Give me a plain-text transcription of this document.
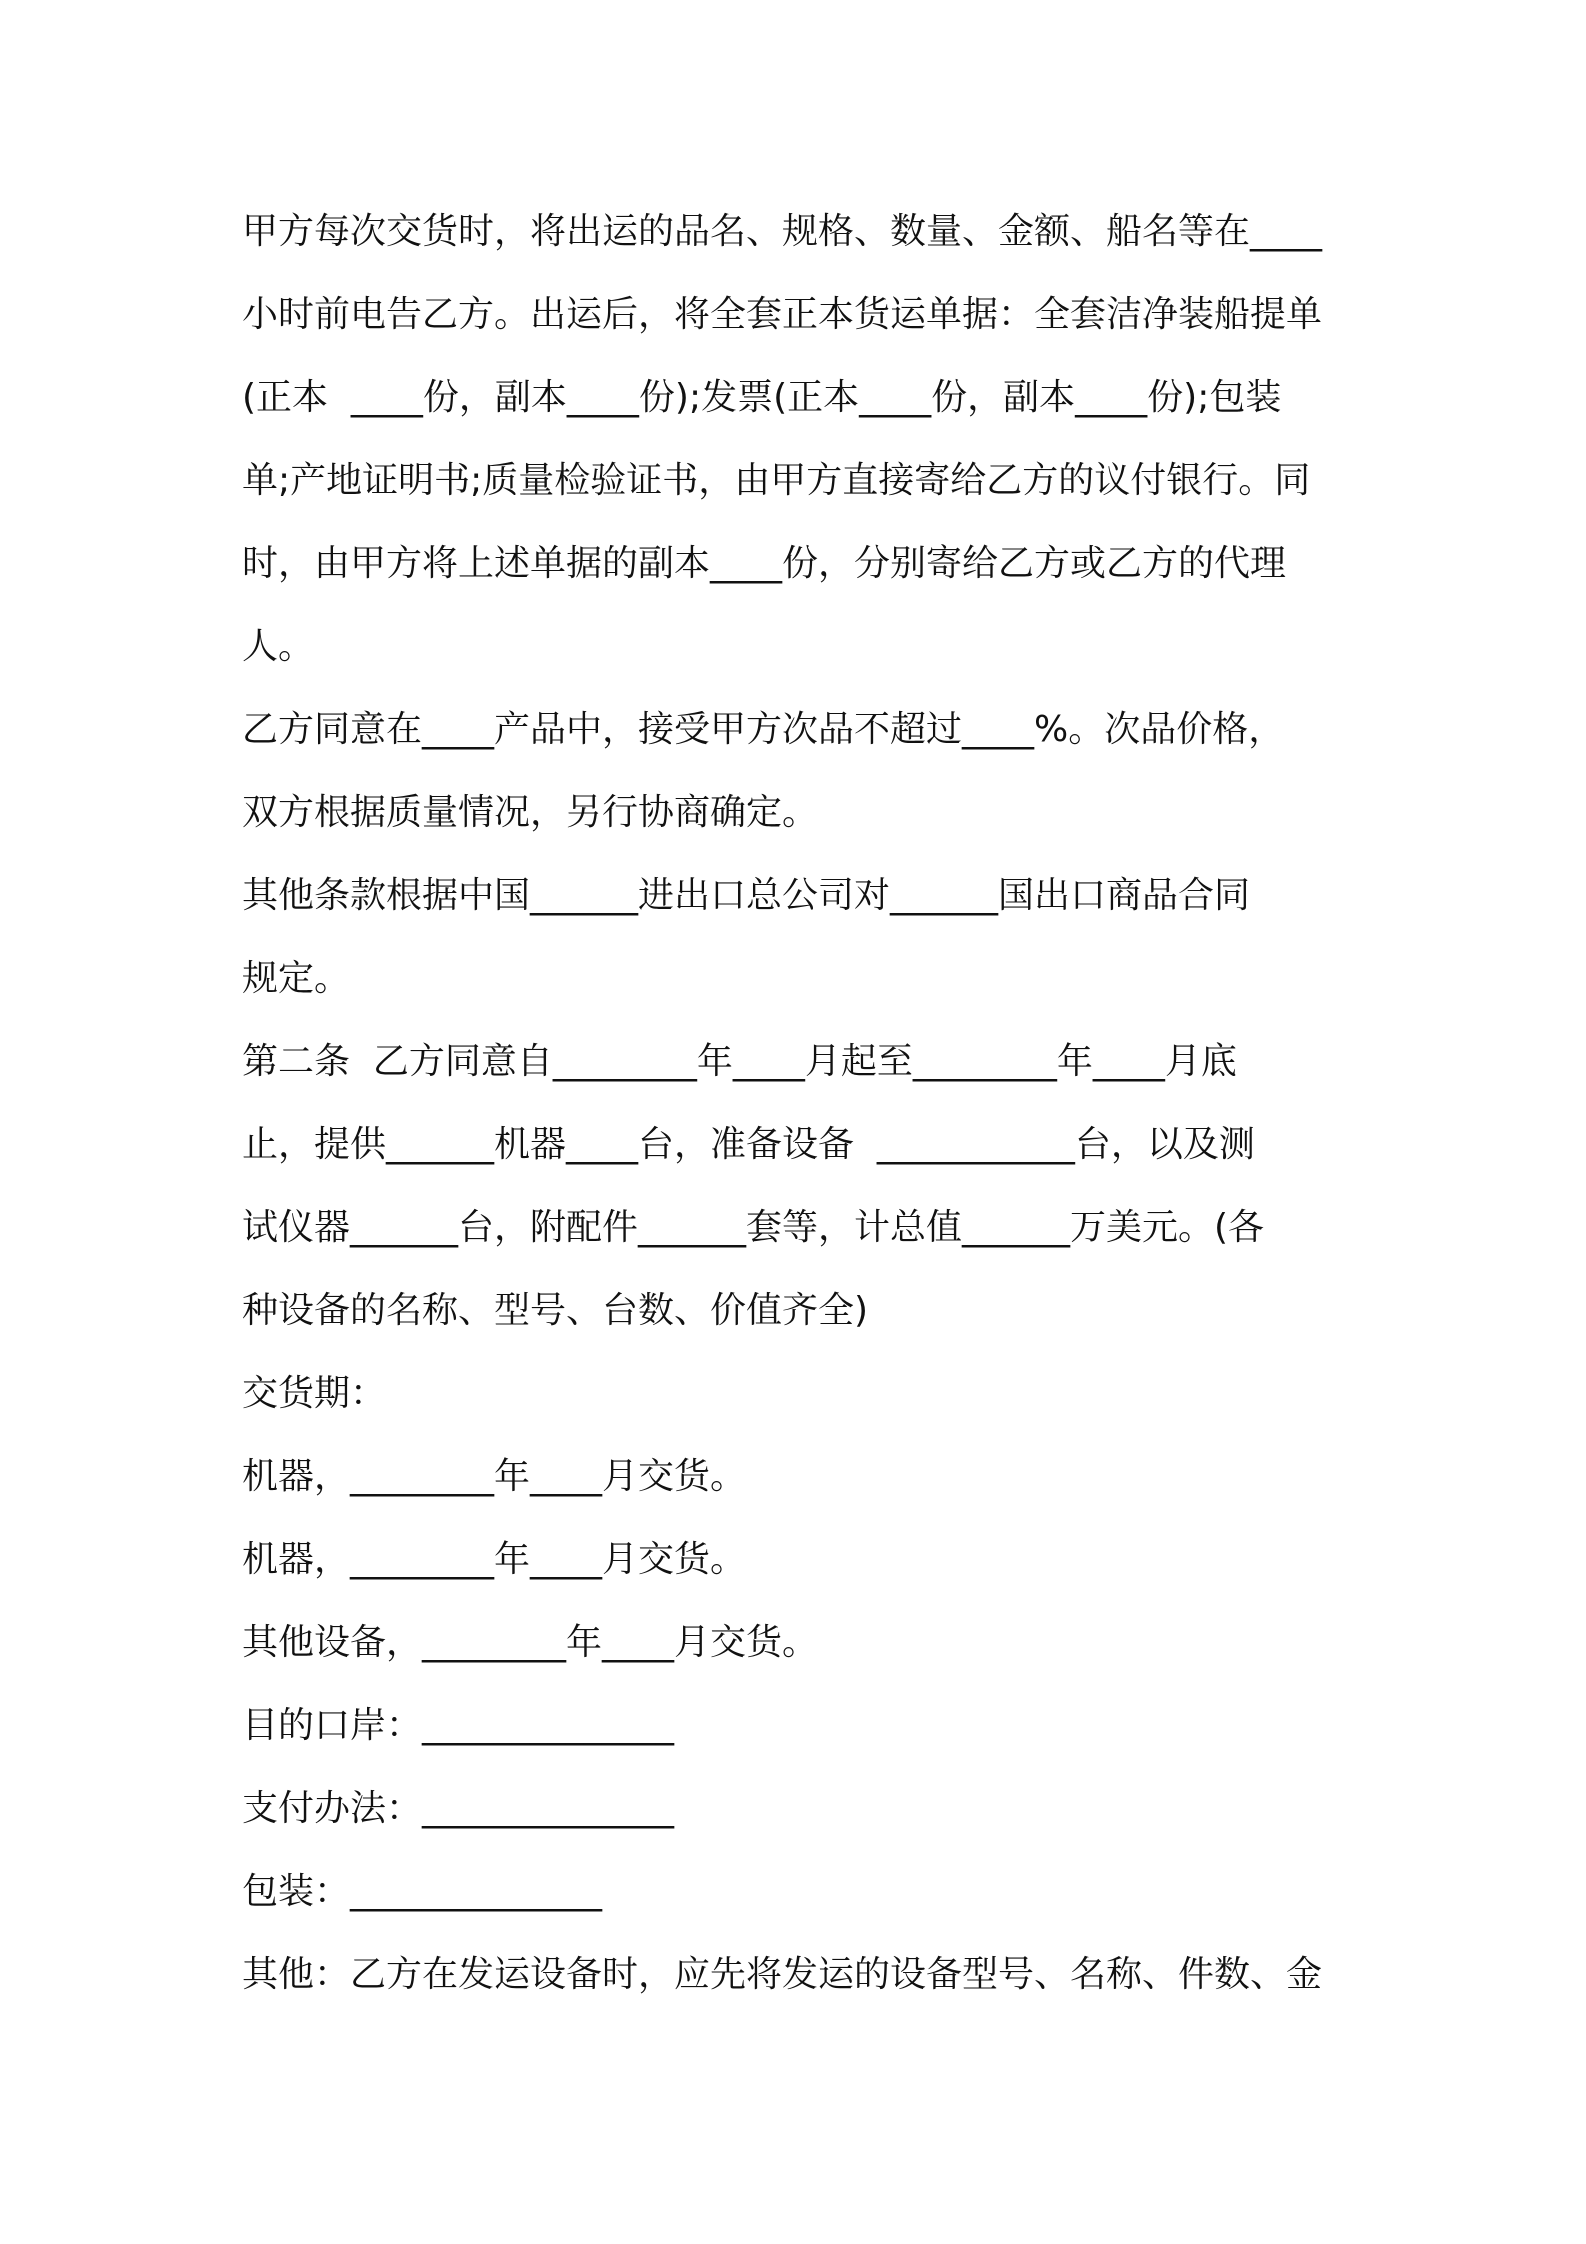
甲方每次交货时，将出运的品名、规格、数量、金额、船名等在____
小时前电告乙方。出运后，将全套正本货运单据：全套洁净装船提单
(正本  ____份，副本____份);发票(正本____份，副本____份);包装
单;产地证明书;质量检验证书，由甲方直接寄给乙方的议付银行。同
时，由甲方将上述单据的副本____份，分别寄给乙方或乙方的代理
人。
乙方同意在____产品中，接受甲方次品不超过____%。次品价格，
双方根据质量情况，另行协商确定。
其他条款根据中国______进出口总公司对______国出口商品合同
规定。
第二条  乙方同意自________年____月起至________年____月底
止，提供______机器____台，准备设备  ___________台，以及测
试仪器______台，附配件______套等，计总值______万美元。(各
种设备的名称、型号、台数、价值齐全)
交货期：
机器，________年____月交货。
机器，________年____月交货。
其他设备，________年____月交货。
目的口岸：______________
支付办法：______________
包装：______________
其他：乙方在发运设备时，应先将发运的设备型号、名称、件数、金
